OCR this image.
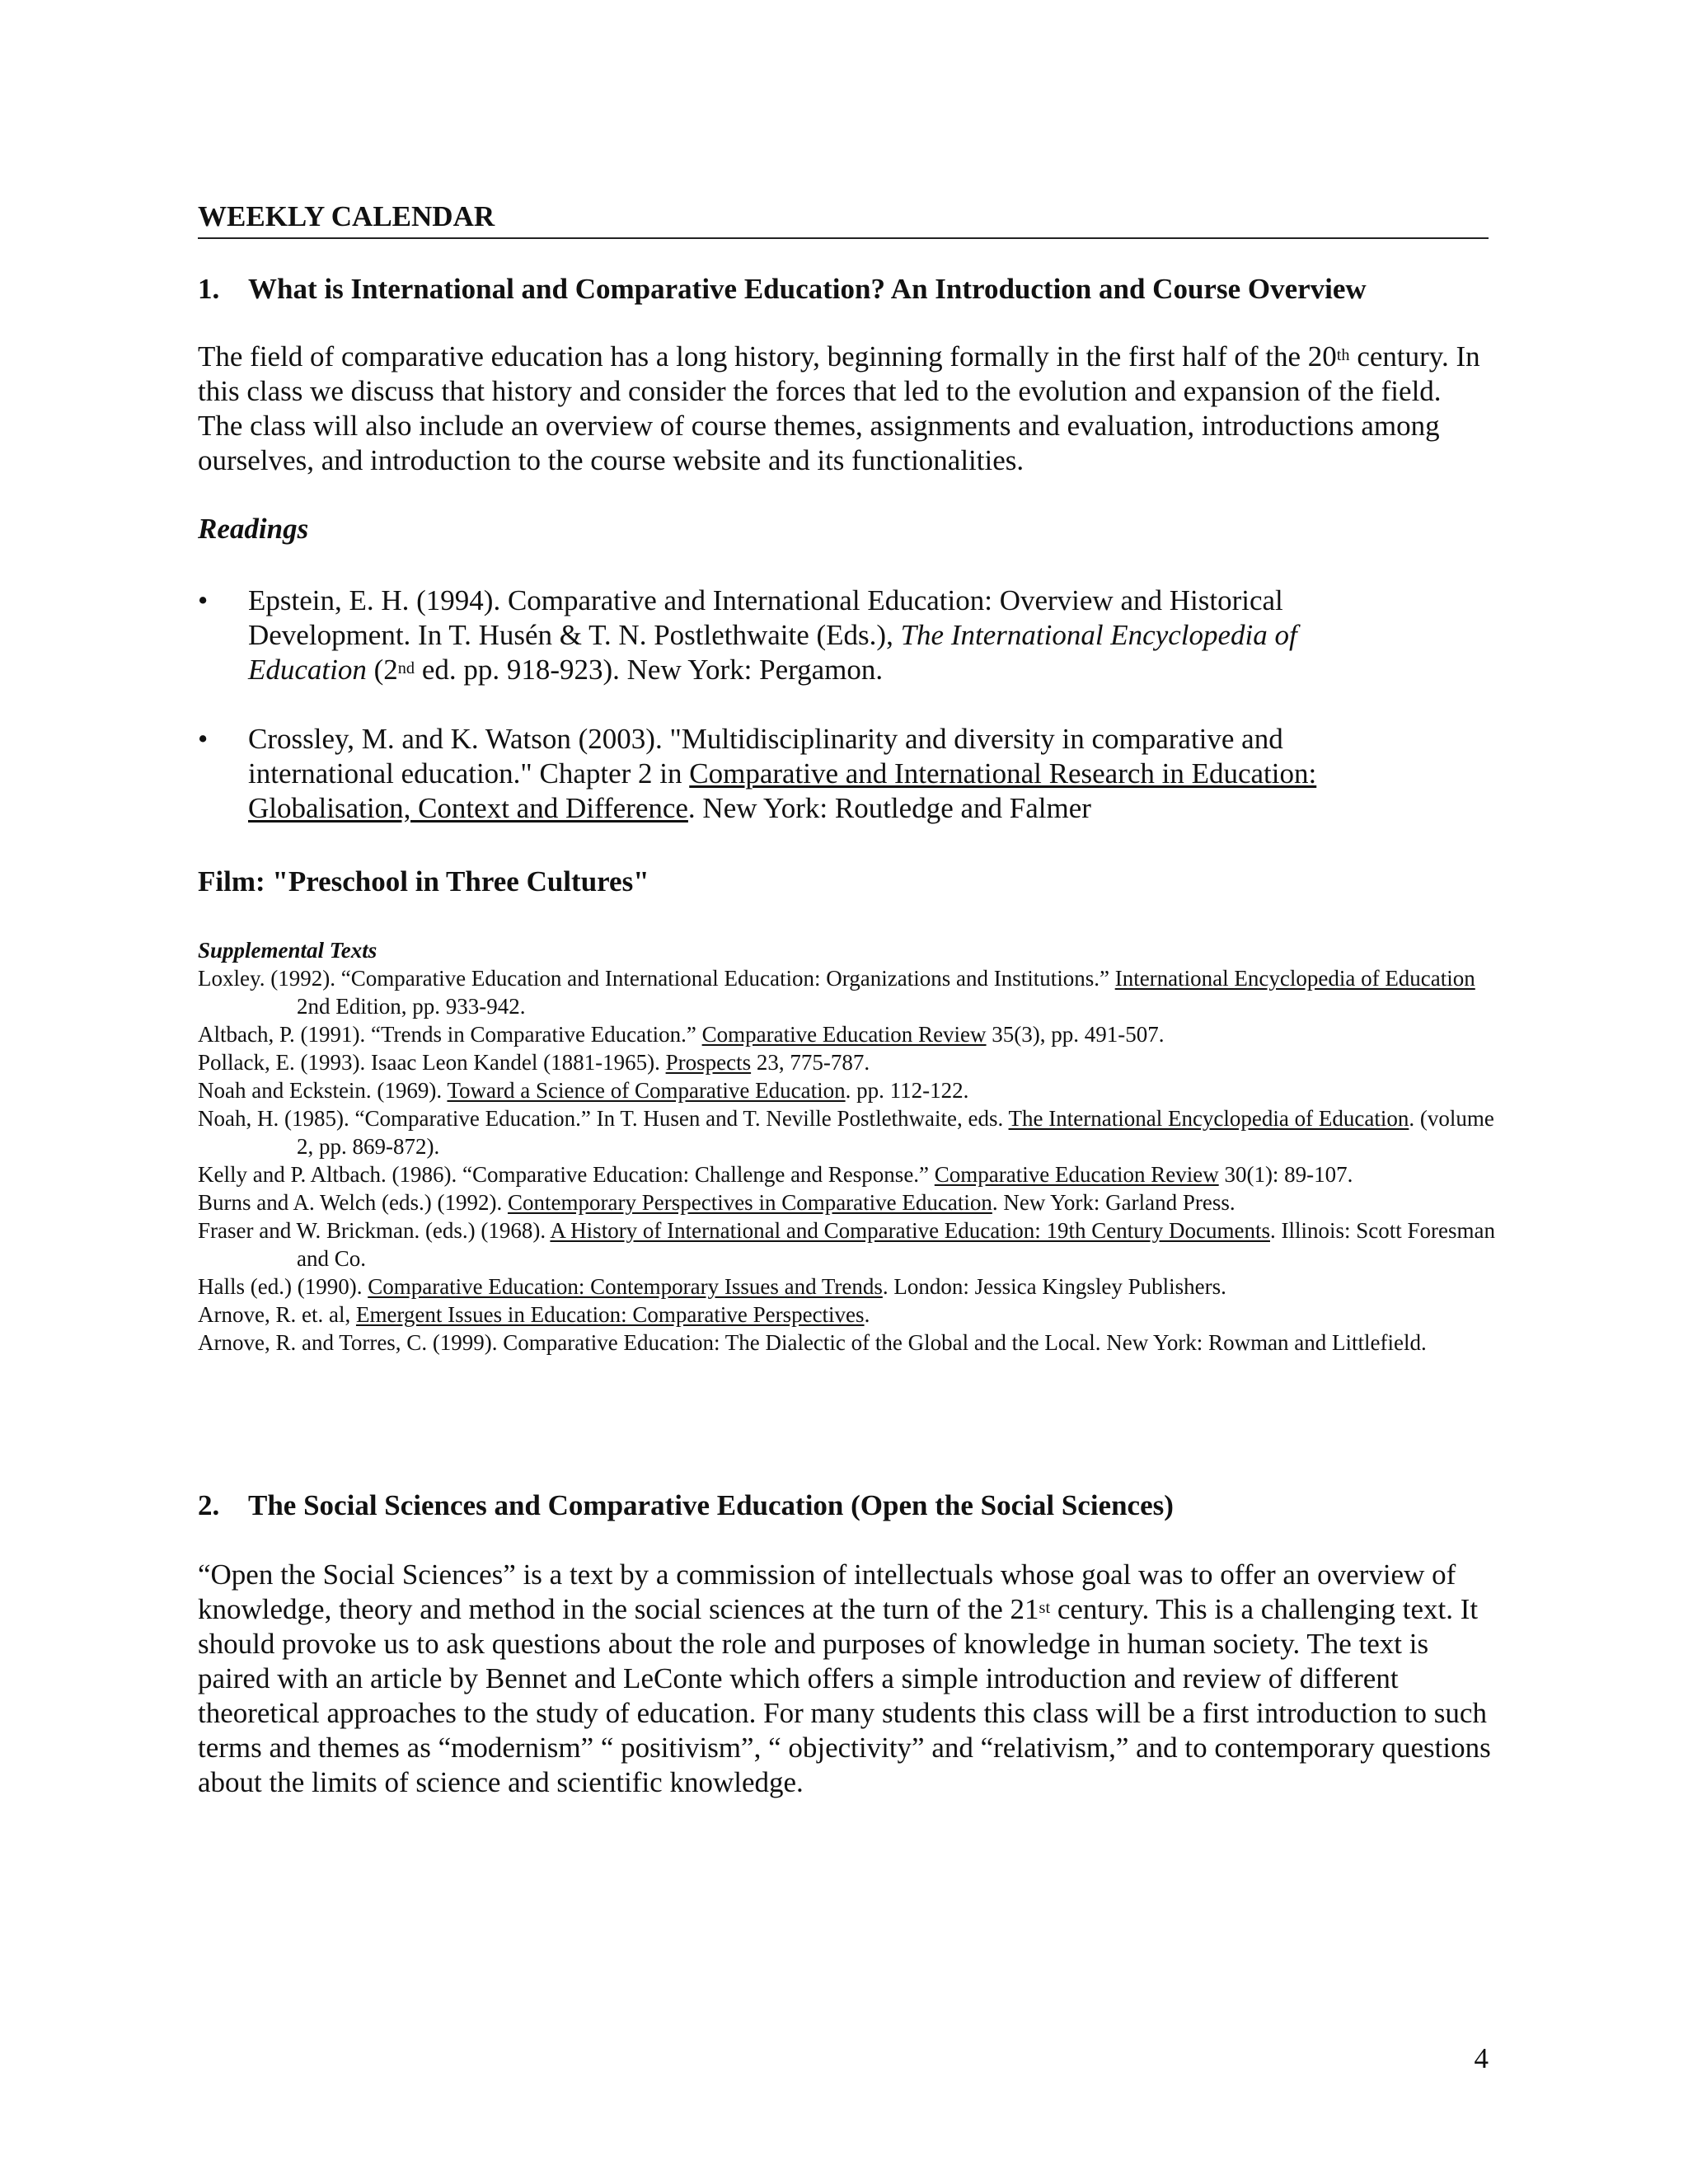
WEEKLY CALENDAR
1. What is International and Comparative Education? An Introduction and Course Overview

The field of comparative education has a long history, beginning formally in the first half of the 20th century. In this class we discuss that history and consider the forces that led to the evolution and expansion of the field. The class will also include an overview of course themes, assignments and evaluation, introductions among ourselves, and introduction to the course website and its functionalities.

Readings
•	Epstein, E. H. (1994). Comparative and International Education: Overview and Historical Development. In T. Husén & T. N. Postlethwaite (Eds.), The International Encyclopedia of Education (2nd ed. pp. 918-923). New York: Pergamon.
•	Crossley, M. and K. Watson (2003). "Multidisciplinarity and diversity in comparative and international education." Chapter 2 in Comparative and International Research in Education: Globalisation, Context and Difference. New York: Routledge and Falmer
Film: "Preschool in Three Cultures"
Supplemental Texts
Loxley. (1992). “Comparative Education and International Education: Organizations and Institutions.” International Encyclopedia of Education 2nd Edition, pp. 933-942.
Altbach, P. (1991). “Trends in Comparative Education.” Comparative Education Review 35(3), pp. 491-507.
Pollack, E. (1993). Isaac Leon Kandel (1881-1965). Prospects 23, 775-787.
Noah and Eckstein. (1969). Toward a Science of Comparative Education. pp. 112-122.
Noah, H. (1985). “Comparative Education.” In T. Husen and T. Neville Postlethwaite, eds. The International Encyclopedia of Education. (volume 2, pp. 869-872).
Kelly and P. Altbach. (1986). “Comparative Education: Challenge and Response.” Comparative Education Review 30(1): 89-107.
Burns and A. Welch (eds.) (1992). Contemporary Perspectives in Comparative Education. New York: Garland Press.
Fraser and W. Brickman. (eds.) (1968). A History of International and Comparative Education: 19th Century Documents. Illinois: Scott Foresman and Co.
Halls (ed.) (1990). Comparative Education: Contemporary Issues and Trends. London: Jessica Kingsley Publishers.
Arnove, R. et. al, Emergent Issues in Education: Comparative Perspectives.
Arnove, R. and Torres, C. (1999). Comparative Education: The Dialectic of the Global and the Local. New York: Rowman and Littlefield.
2. The Social Sciences and Comparative Education (Open the Social Sciences)

“Open the Social Sciences” is a text by a commission of intellectuals whose goal was to offer an overview of knowledge, theory and method in the social sciences at the turn of the 21st century. This is a challenging text. It should provoke us to ask questions about the role and purposes of knowledge in human society. The text is paired with an article by Bennet and LeConte which offers a simple introduction and review of different theoretical approaches to the study of education. For many students this class will be a first introduction to such terms and themes as “modernism” “ positivism”, “ objectivity” and “relativism,” and to contemporary questions about the limits of science and scientific knowledge.

4
